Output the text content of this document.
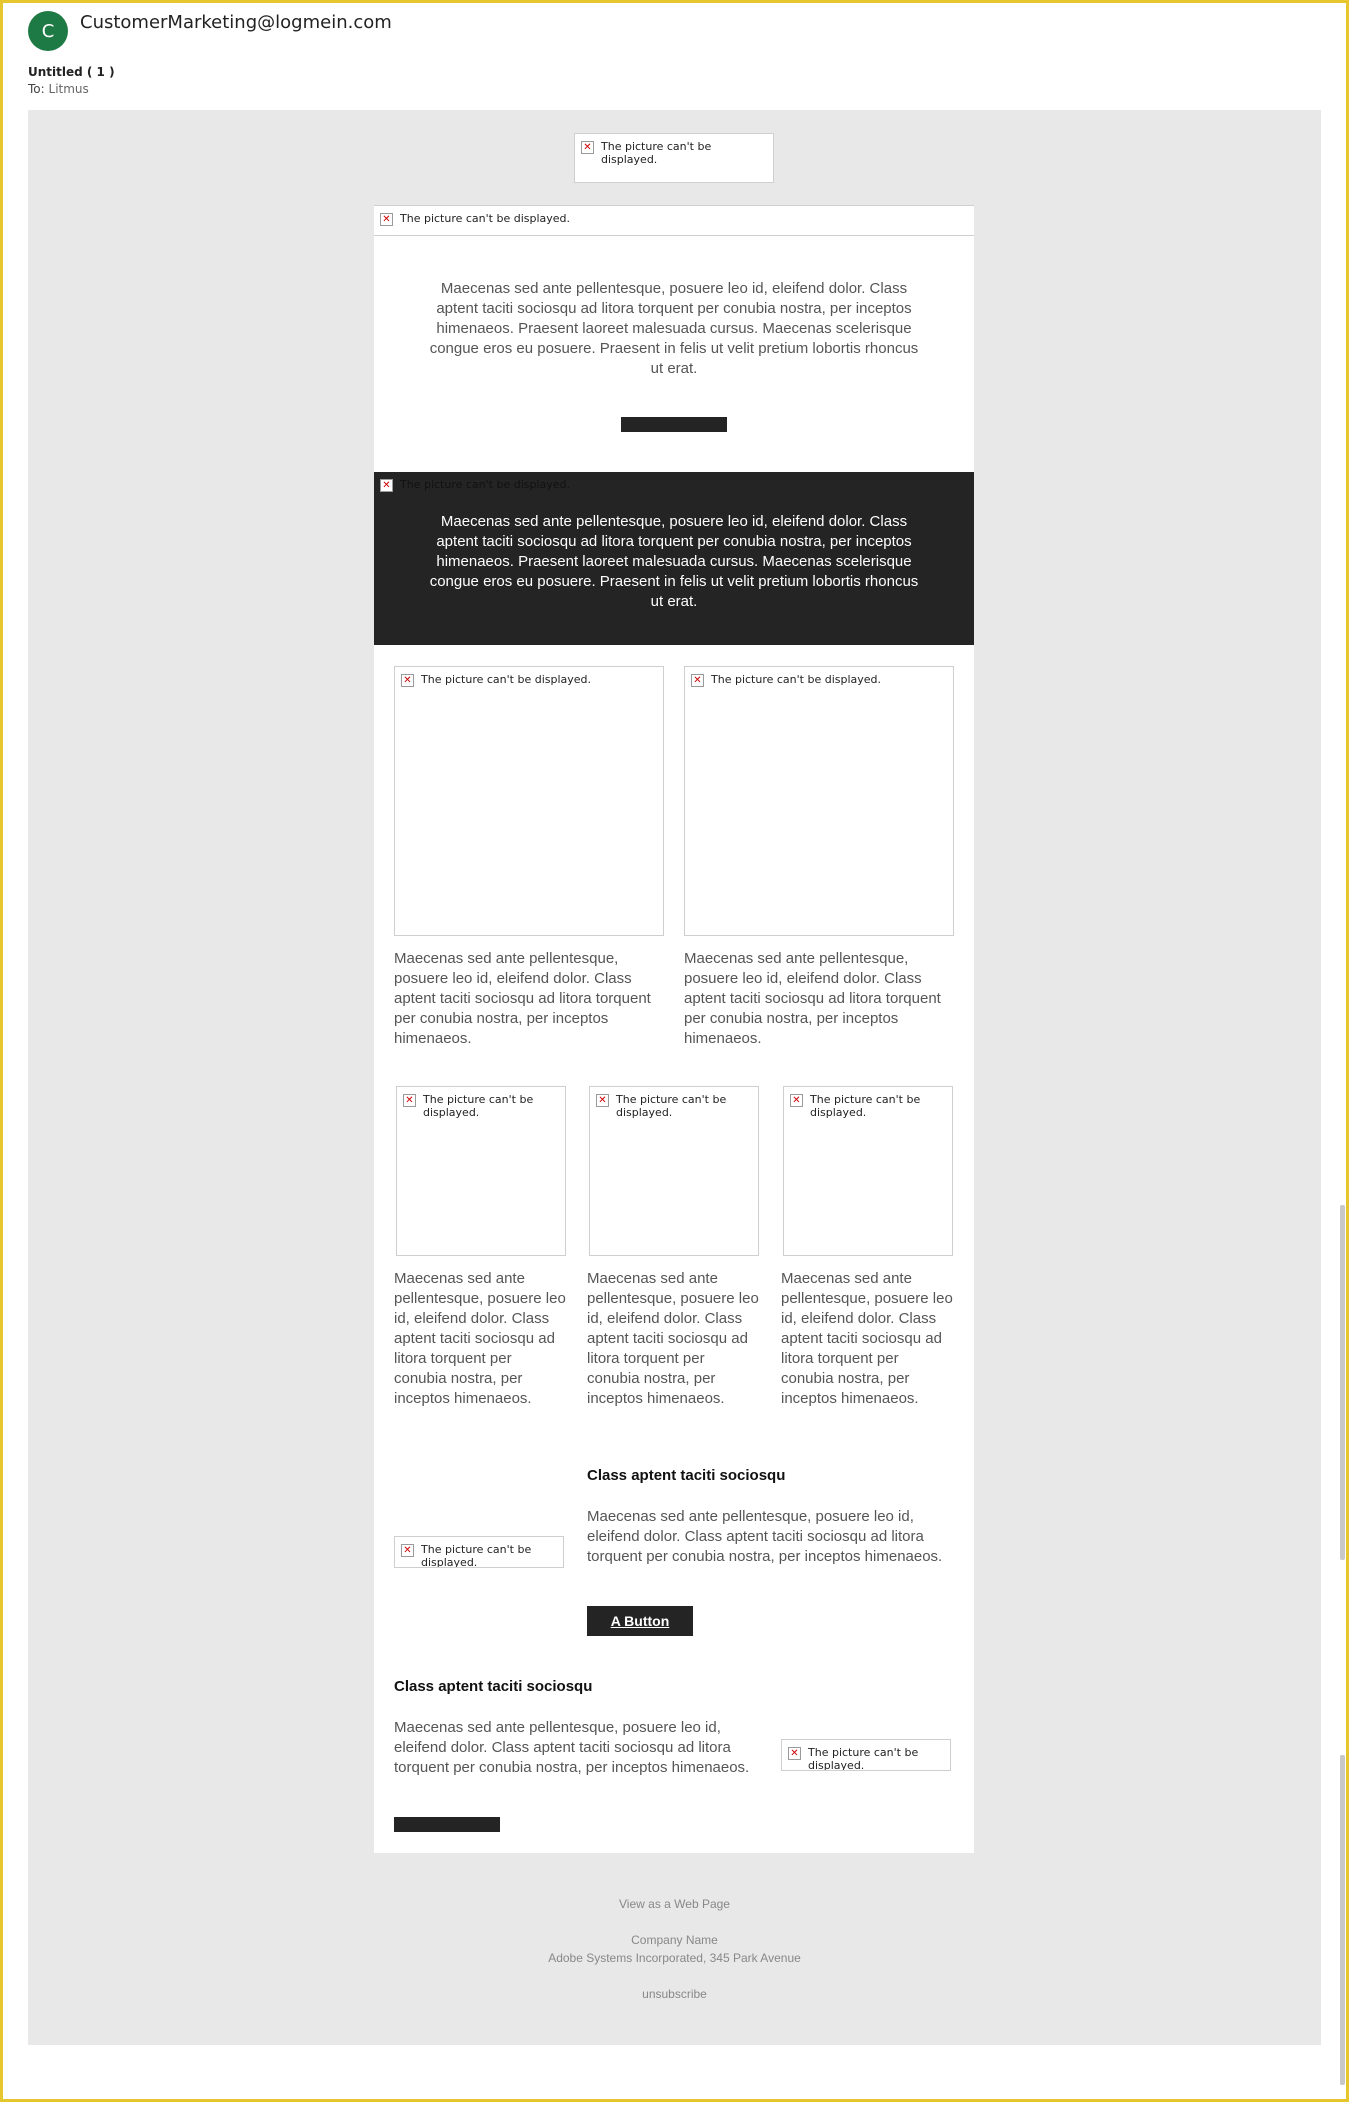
C	CustomerMarketing@logmein.com
Untitled ( 1 )
To: Litmus
✕ The picture can't be displayed.
✕ The picture can't be displayed.
Maecenas sed ante pellentesque, posuere leo id, eleifend dolor. Class aptent taciti sociosqu ad litora torquent per conubia nostra, per inceptos himenaeos. Praesent laoreet malesuada cursus. Maecenas scelerisque congue eros eu posuere. Praesent in felis ut velit pretium lobortis rhoncus ut erat.
✕ The picture can't be displayed.
Maecenas sed ante pellentesque, posuere leo id, eleifend dolor. Class aptent taciti sociosqu ad litora torquent per conubia nostra, per inceptos himenaeos. Praesent laoreet malesuada cursus. Maecenas scelerisque congue eros eu posuere. Praesent in felis ut velit pretium lobortis rhoncus ut erat.
✕ The picture can't be displayed.	✕ The picture can't be displayed.
Maecenas sed ante pellentesque, posuere leo id, eleifend dolor. Class aptent taciti sociosqu ad litora torquent per conubia nostra, per inceptos himenaeos.
Maecenas sed ante pellentesque, posuere leo id, eleifend dolor. Class aptent taciti sociosqu ad litora torquent per conubia nostra, per inceptos himenaeos.
✕ The picture can't be displayed.
✕ The picture can't be displayed.
✕ The picture can't be displayed.
Maecenas sed ante pellentesque, posuere leo id, eleifend dolor. Class aptent taciti sociosqu ad litora torquent per conubia nostra, per inceptos himenaeos.
Maecenas sed ante pellentesque, posuere leo id, eleifend dolor. Class aptent taciti sociosqu ad litora torquent per conubia nostra, per inceptos himenaeos.
Maecenas sed ante pellentesque, posuere leo id, eleifend dolor. Class aptent taciti sociosqu ad litora torquent per conubia nostra, per inceptos himenaeos.
✕ The picture can't be displayed.
Class aptent taciti sociosqu
Maecenas sed ante pellentesque, posuere leo id, eleifend dolor. Class aptent taciti sociosqu ad litora torquent per conubia nostra, per inceptos himenaeos.
A Button
Class aptent taciti sociosqu
Maecenas sed ante pellentesque, posuere leo id, eleifend dolor. Class aptent taciti sociosqu ad litora torquent per conubia nostra, per inceptos himenaeos.
✕ The picture can't be displayed.
View as a Web Page
Company Name
Adobe Systems Incorporated, 345 Park Avenue
unsubscribe
